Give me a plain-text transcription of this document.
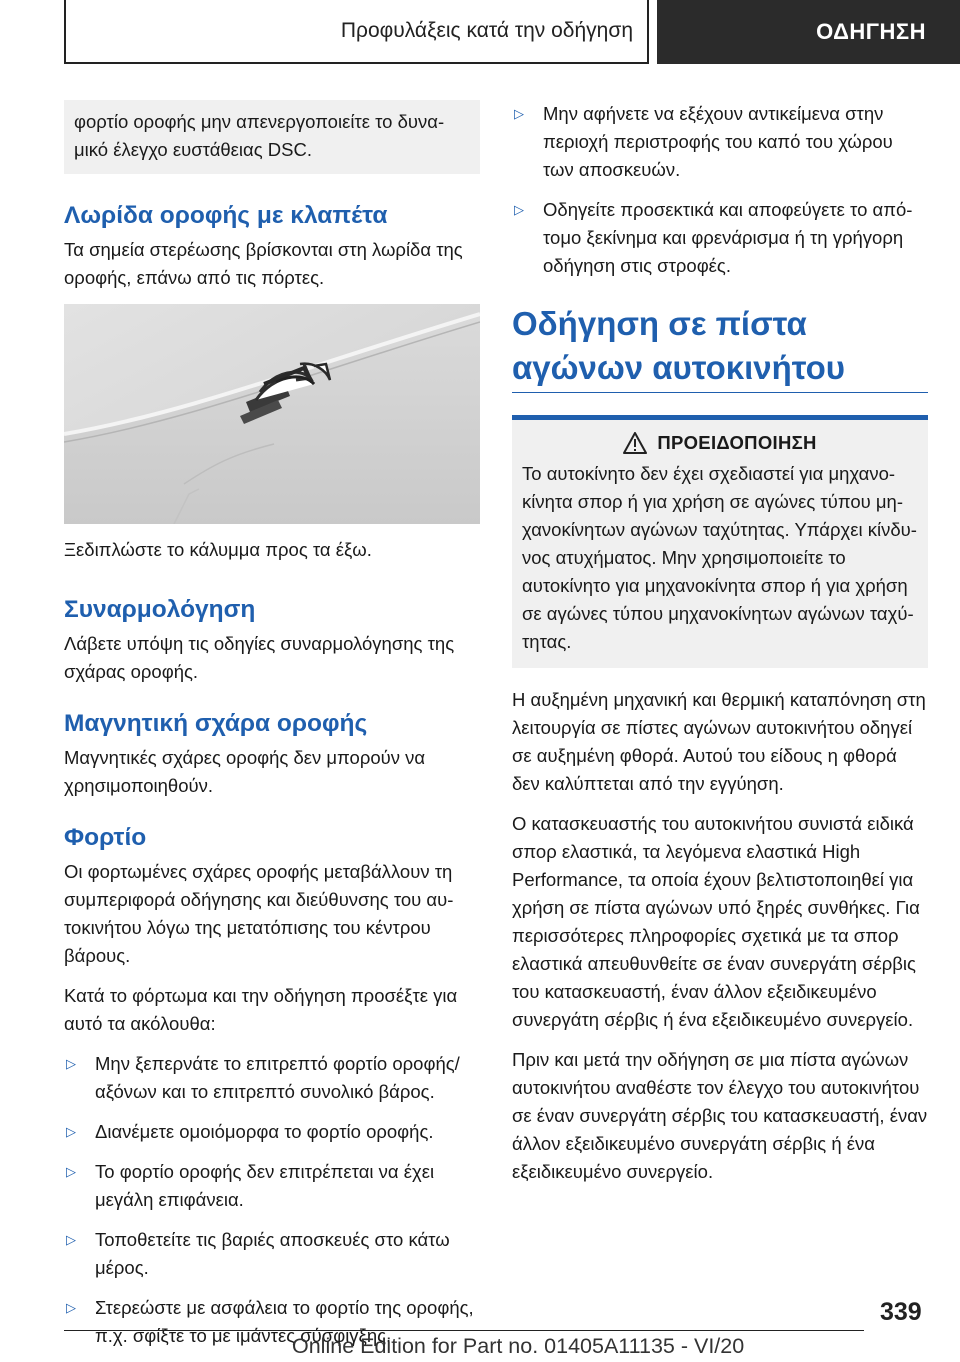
Προφυλάξεις κατά την οδήγηση	ΟΔΗΓΗΣΗ

φορτίο οροφής μην απενεργοποιείτε το δυναμικό έλεγχο ευστάθειας DSC.

Λωρίδα οροφής με κλαπέτα

Τα σημεία στερέωσης βρίσκονται στη λωρίδα της οροφής, επάνω από τις πόρτες.

Ξεδιπλώστε το κάλυμμα προς τα έξω.

Συναρμολόγηση

Λάβετε υπόψη τις οδηγίες συναρμολόγησης της σχάρας οροφής.

Μαγνητική σχάρα οροφής

Μαγνητικές σχάρες οροφής δεν μπορούν να χρησιμοποιηθούν.

Φορτίο

Οι φορτωμένες σχάρες οροφής μεταβάλλουν τη συμπεριφορά οδήγησης και διεύθυνσης του αυτοκινήτου λόγω της μετατόπισης του κέντρου βάρους.

Κατά το φόρτωμα και την οδήγηση προσέξτε για αυτό τα ακόλουθα:

▷ Μην ξεπερνάτε το επιτρεπτό φορτίο οροφής/αξόνων και το επιτρεπτό συνολικό βάρος.
▷ Διανέμετε ομοιόμορφα το φορτίο οροφής.
▷ Το φορτίο οροφής δεν επιτρέπεται να έχει μεγάλη επιφάνεια.
▷ Τοποθετείτε τις βαριές αποσκευές στο κάτω μέρος.
▷ Στερεώστε με ασφάλεια το φορτίο της οροφής, π.χ. σφίξτε το με ιμάντες σύσφιγξης.
▷ Μην αφήνετε να εξέχουν αντικείμενα στην περιοχή περιστροφής του καπό του χώρου των αποσκευών.
▷ Οδηγείτε προσεκτικά και αποφεύγετε το απότομο ξεκίνημα και φρενάρισμα ή τη γρήγορη οδήγηση στις στροφές.
Οδήγηση σε πίστα αγώνων αυτοκινήτου
ΠΡΟΕΙΔΟΠΟΙΗΣΗ

Το αυτοκίνητο δεν έχει σχεδιαστεί για μηχανοκίνητα σπορ ή για χρήση σε αγώνες τύπου μηχανοκίνητων αγώνων ταχύτητας. Υπάρχει κίνδυνος ατυχήματος. Μην χρησιμοποιείτε το αυτοκίνητο για μηχανοκίνητα σπορ ή για χρήση σε αγώνες τύπου μηχανοκίνητων αγώνων ταχύτητας.

Η αυξημένη μηχανική και θερμική καταπόνηση στη λειτουργία σε πίστες αγώνων αυτοκινήτου οδηγεί σε αυξημένη φθορά. Αυτού του είδους η φθορά δεν καλύπτεται από την εγγύηση.

Ο κατασκευαστής του αυτοκινήτου συνιστά ειδικά σπορ ελαστικά, τα λεγόμενα ελαστικά High Performance, τα οποία έχουν βελτιστοποιηθεί για χρήση σε πίστα αγώνων υπό ξηρές συνθήκες. Για περισσότερες πληροφορίες σχετικά με τα σπορ ελαστικά απευθυνθείτε σε έναν συνεργάτη σέρβις του κατασκευαστή, έναν άλλον εξειδικευμένο συνεργάτη σέρβις ή ένα εξειδικευμένο συνεργείο.

Πριν και μετά την οδήγηση σε μια πίστα αγώνων αυτοκινήτου αναθέστε τον έλεγχο του αυτοκινήτου σε έναν συνεργάτη σέρβις του κατασκευαστή, έναν άλλον εξειδικευμένο συνεργάτη σέρβις ή ένα εξειδικευμένο συνεργείο.

339
Online Edition for Part no. 01405A11135 - VI/20
